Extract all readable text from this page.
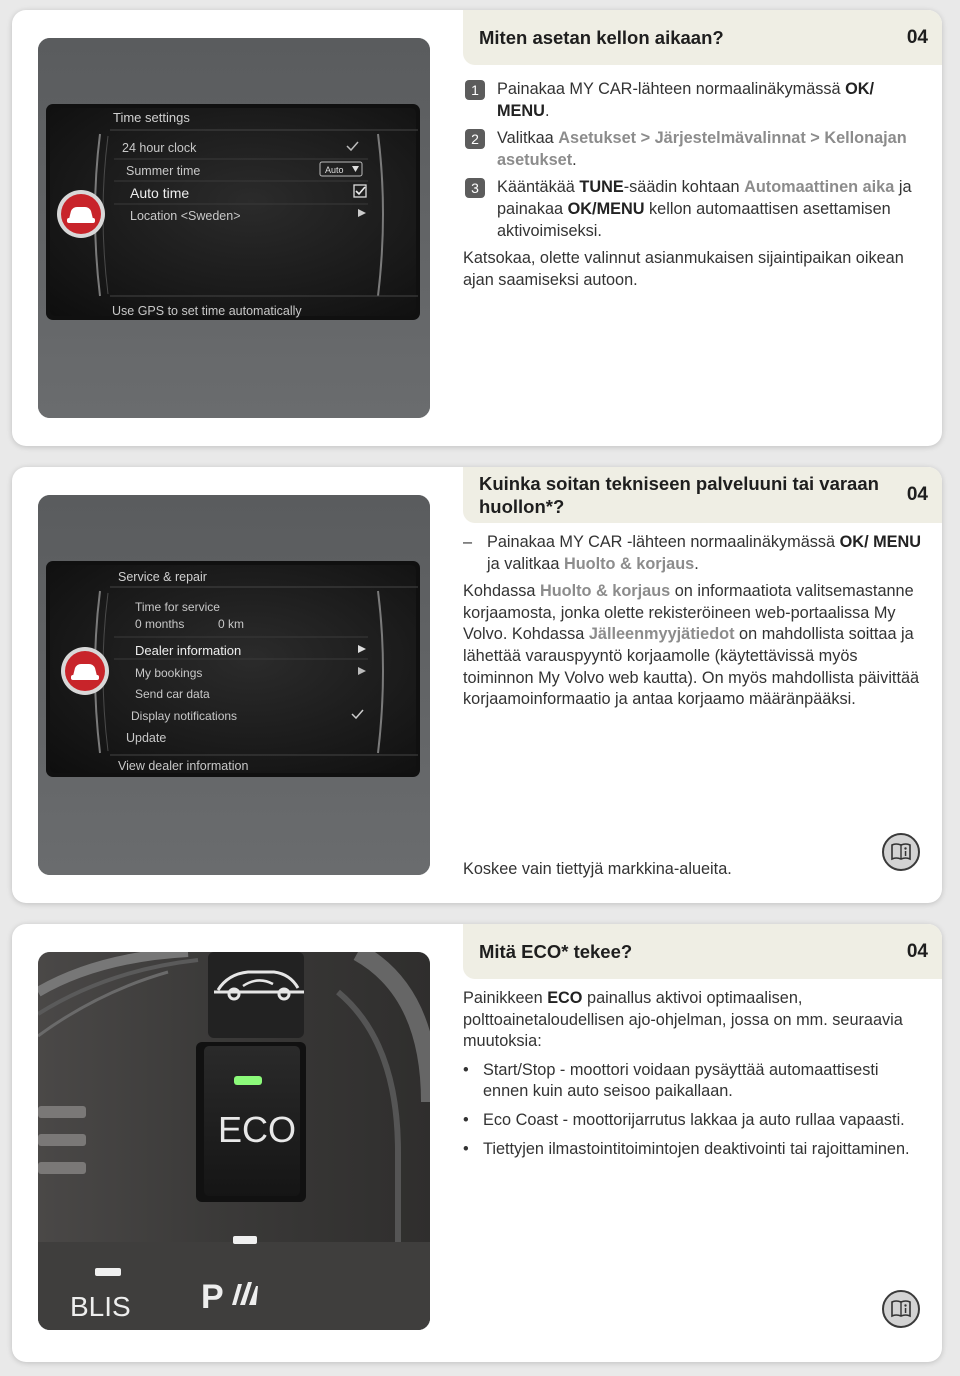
Time settings
24 hour clock
Summer time
Auto time
Location <Sweden>
Auto
Use GPS to set time automatically
Miten asetan kellon aikaan?	04
1	Painakaa MY CAR-lähteen normaalinäkymässä OK/ MENU.
2	Valitkaa Asetukset > Järjestelmävalinnat > Kellonajan asetukset.
3	Kääntäkää TUNE-säädin kohtaan Automaattinen aika ja painakaa OK/MENU kellon automaattisen asettamisen aktivoimiseksi.
Katsokaa, olette valinnut asianmukaisen sijaintipaikan oikean ajan saamiseksi autoon.
Service & repair
Time for service
0 months	0 km
Dealer information
My bookings
Send car data
Display notifications
Update
View dealer information
Kuinka soitan tekniseen palveluuni tai varaan huollon*?
04
– Painakaa MY CAR -lähteen normaalinäkymässä OK/ MENU ja valitkaa Huolto & korjaus.
Kohdassa Huolto & korjaus on informaatiota valitsemastanne korjaamosta, jonka olette rekisteröineen web-portaalissa My Volvo. Kohdassa Jälleenmyyjätiedot on mahdollista soittaa ja lähettää varauspyyntö korjaamolle (käytettävissä myös toiminnon My Volvo web kautta). On myös mahdollista päivittää korjaamoinformaatio ja antaa korjaamo määränpääksi.
Koskee vain tiettyjä markkina-alueita.
ECO
BLIS P
Mitä ECO* tekee?	04
Painikkeen ECO painallus aktivoi optimaalisen, polttoainetaloudellisen ajo-ohjelman, jossa on mm. seuraavia muutoksia:
• Start/Stop - moottori voidaan pysäyttää automaattisesti ennen kuin auto seisoo paikallaan.
• Eco Coast - moottorijarrutus lakkaa ja auto rullaa vapaasti.
• Tiettyjen ilmastointitoimintojen deaktivointi tai rajoittaminen.
